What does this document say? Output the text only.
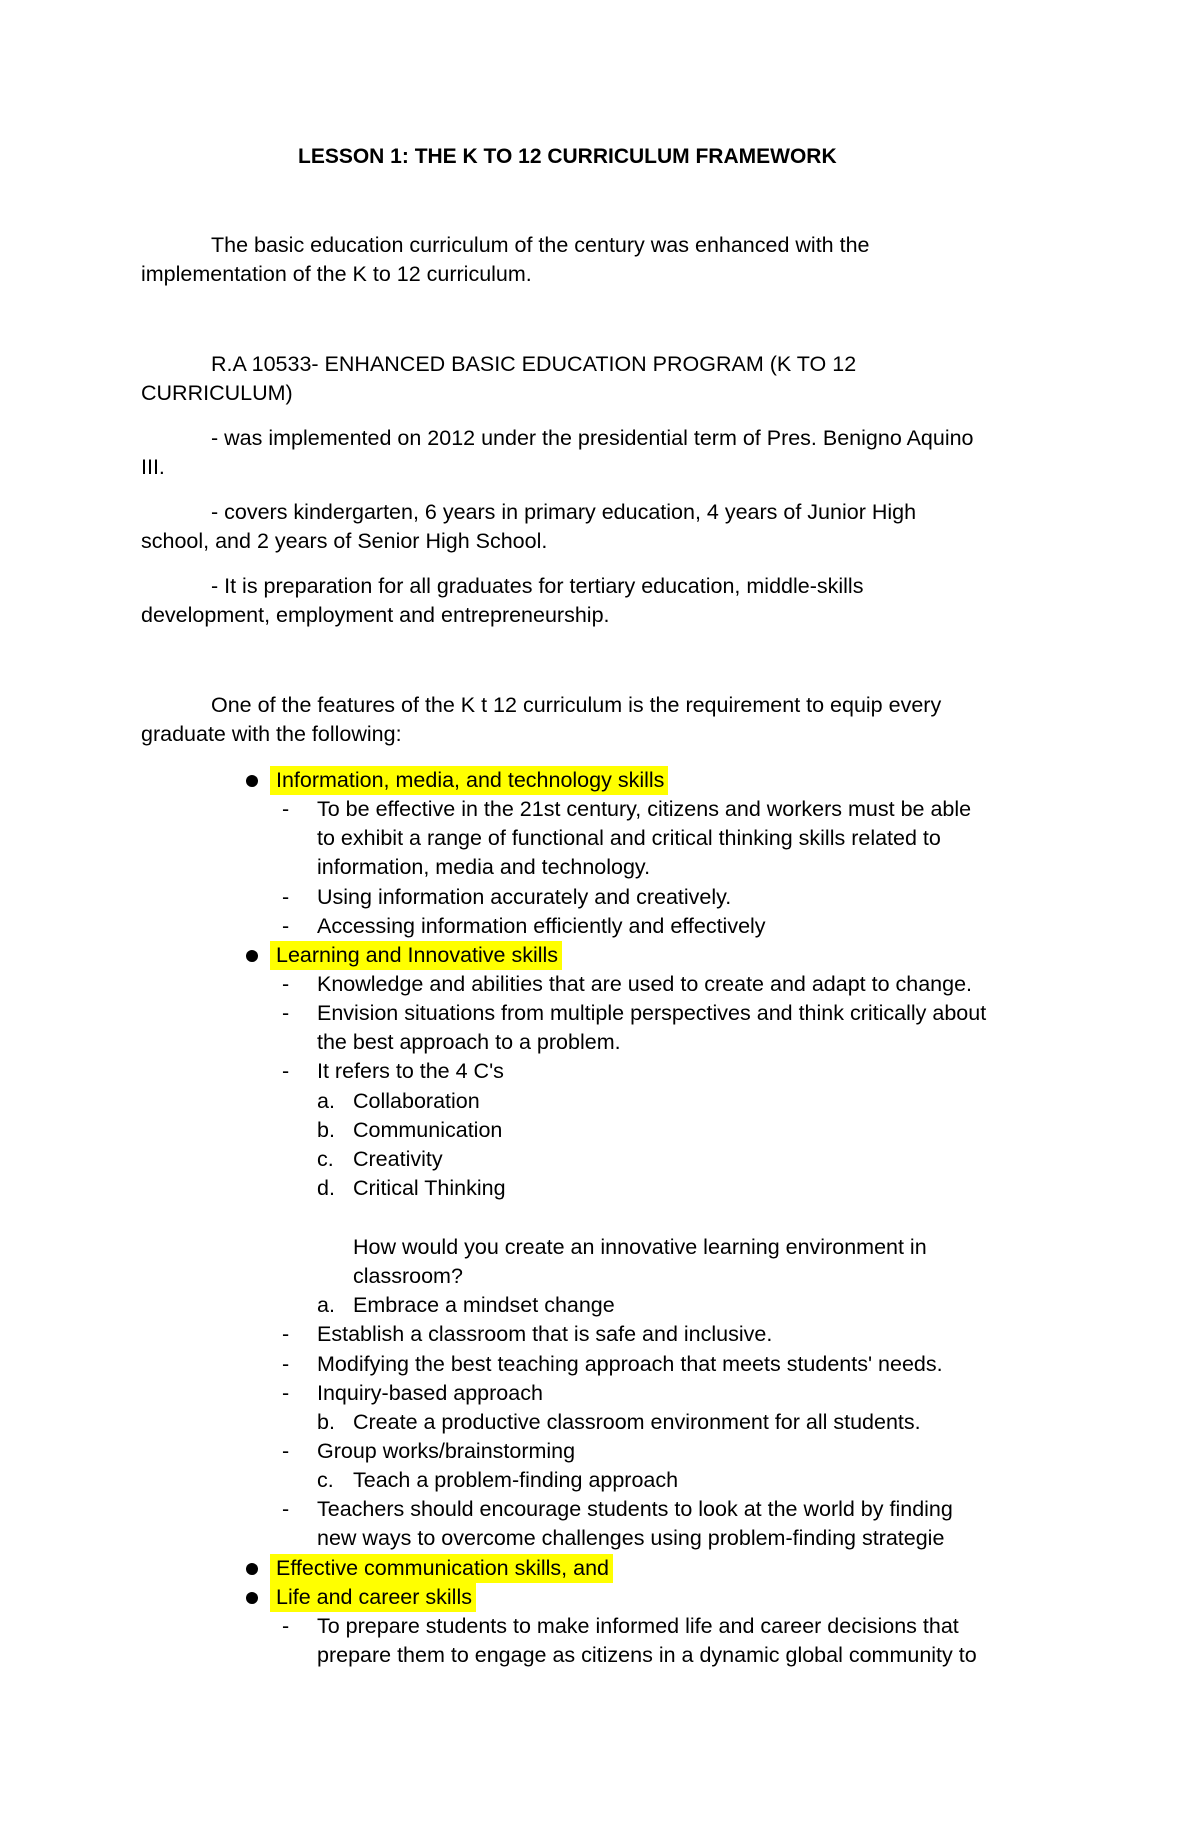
LESSON 1: THE K TO 12 CURRICULUM FRAMEWORK
The basic education curriculum of the century was enhanced with the
implementation of the K to 12 curriculum.
R.A 10533- ENHANCED BASIC EDUCATION PROGRAM (K TO 12
CURRICULUM)
- was implemented on 2012 under the presidential term of Pres. Benigno Aquino
III.
- covers kindergarten, 6 years in primary education, 4 years of Junior High
school, and 2 years of Senior High School.
- It is preparation for all graduates for tertiary education, middle-skills
development, employment and entrepreneurship.
One of the features of the K t 12 curriculum is the requirement to equip every
graduate with the following:
Information, media, and technology skills
- To be effective in the 21st century, citizens and workers must be able
to exhibit a range of functional and critical thinking skills related to
information, media and technology.
- Using information accurately and creatively.
- Accessing information efficiently and effectively
Learning and Innovative skills
- Knowledge and abilities that are used to create and adapt to change.
- Envision situations from multiple perspectives and think critically about
the best approach to a problem.
- It refers to the 4 C's
a. Collaboration
b. Communication
c. Creativity
d. Critical Thinking
How would you create an innovative learning environment in
classroom?
a. Embrace a mindset change
- Establish a classroom that is safe and inclusive.
- Modifying the best teaching approach that meets students' needs.
- Inquiry-based approach
b. Create a productive classroom environment for all students.
- Group works/brainstorming
c. Teach a problem-finding approach
- Teachers should encourage students to look at the world by finding
new ways to overcome challenges using problem-finding strategie
Effective communication skills, and
Life and career skills
- To prepare students to make informed life and career decisions that
prepare them to engage as citizens in a dynamic global community to
